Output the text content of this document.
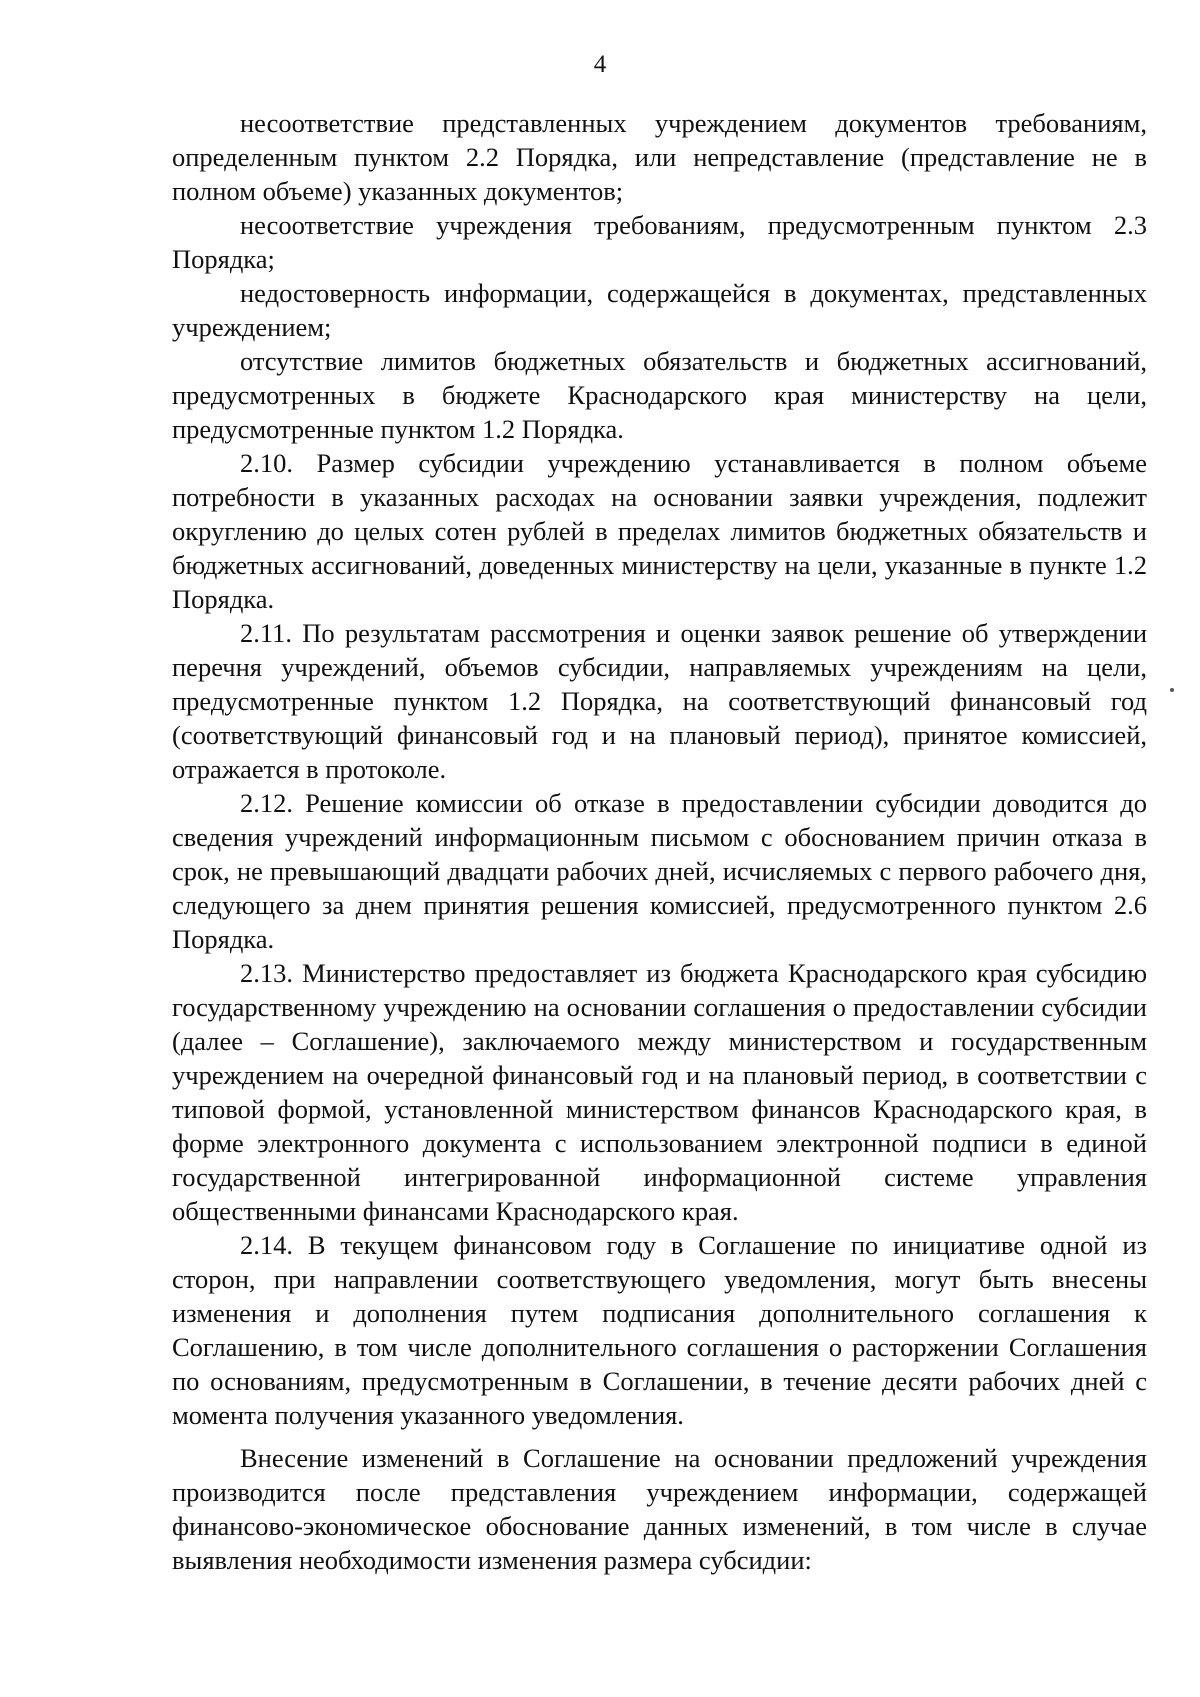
4

несоответствие представленных учреждением документов требованиям, определенным пунктом 2.2 Порядка, или непредставление (представление не в полном объеме) указанных документов;

несоответствие учреждения требованиям, предусмотренным пунктом 2.3 Порядка;

недостоверность информации, содержащейся в документах, представленных учреждением;

отсутствие лимитов бюджетных обязательств и бюджетных ассигнований, предусмотренных в бюджете Краснодарского края министерству на цели, предусмотренные пунктом 1.2 Порядка.

2.10. Размер субсидии учреждению устанавливается в полном объеме потребности в указанных расходах на основании заявки учреждения, подлежит округлению до целых сотен рублей в пределах лимитов бюджетных обязательств и бюджетных ассигнований, доведенных министерству на цели, указанные в пункте 1.2 Порядка.

2.11. По результатам рассмотрения и оценки заявок решение об утверждении перечня учреждений, объемов субсидии, направляемых учреждениям на цели, предусмотренные пунктом 1.2 Порядка, на соответствующий финансовый год (соответствующий финансовый год и на плановый период), принятое комиссией, отражается в протоколе.

2.12. Решение комиссии об отказе в предоставлении субсидии доводится до сведения учреждений информационным письмом с обоснованием причин отказа в срок, не превышающий двадцати рабочих дней, исчисляемых с первого рабочего дня, следующего за днем принятия решения комиссией, предусмотренного пунктом 2.6 Порядка.

2.13. Министерство предоставляет из бюджета Краснодарского края субсидию государственному учреждению на основании соглашения о предоставлении субсидии (далее – Соглашение), заключаемого между министерством и государственным учреждением на очередной финансовый год и на плановый период, в соответствии с типовой формой, установленной министерством финансов Краснодарского края, в форме электронного документа с использованием электронной подписи в единой государственной интегрированной информационной системе управления общественными финансами Краснодарского края.

2.14. В текущем финансовом году в Соглашение по инициативе одной из сторон, при направлении соответствующего уведомления, могут быть внесены изменения и дополнения путем подписания дополнительного соглашения к Соглашению, в том числе дополнительного соглашения о расторжении Соглашения по основаниям, предусмотренным в Соглашении, в течение десяти рабочих дней с момента получения указанного уведомления.

Внесение изменений в Соглашение на основании предложений учреждения производится после представления учреждением информации, содержащей финансово-экономическое обоснование данных изменений, в том числе в случае выявления необходимости изменения размера субсидии:
